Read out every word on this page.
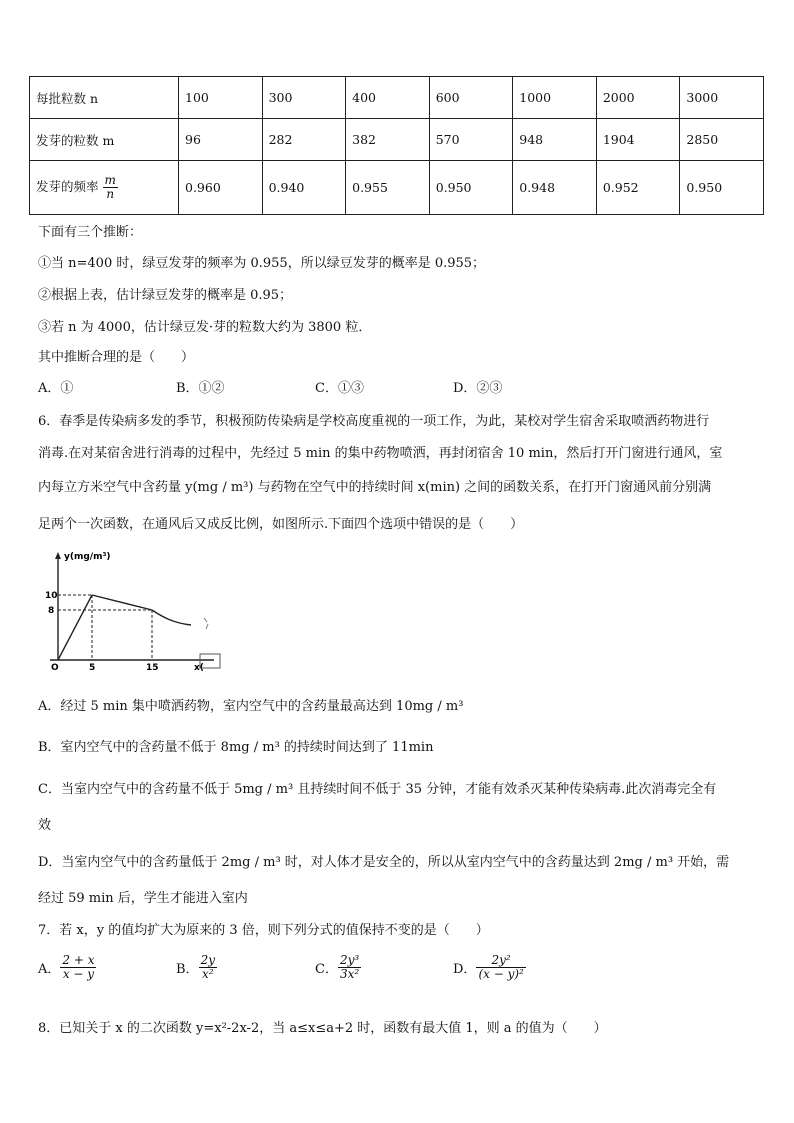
每批粒数 n	100	300	400	600	1000	2000	3000
发芽的粒数 m	96	282	382	570	948	1904	2850
发芽的频率 $\frac{m}{n}$	0.960	0.940	0.955	0.950	0.948	0.952	0.950
下面有三个推断：
①当 n=400 时，绿豆发芽的频率为 0.955，所以绿豆发芽的概率是 0.955；
②根据上表，估计绿豆发芽的概率是 0.95；
③若 n 为 4000，估计绿豆发·芽的粒数大约为 3800 粒．
其中推断合理的是（　　）
A．①	B．①②	C．①③	D．②③
6．春季是传染病多发的季节，积极预防传染病是学校高度重视的一项工作，为此，某校对学生宿舍采取喷洒药物进行
消毒.在对某宿舍进行消毒的过程中，先经过 5 min 的集中药物喷洒，再封闭宿舍 10 min，然后打开门窗进行通风，室
内每立方米空气中含药量 y(mg / m³) 与药物在空气中的持续时间 x(min) 之间的函数关系，在打开门窗通风前分别满
足两个一次函数，在通风后又成反比例，如图所示.下面四个选项中错误的是（　　）
y(mg/m³)
10
8
5	15
O	x(
A．经过 5 min 集中喷洒药物，室内空气中的含药量最高达到 10mg / m³
B．室内空气中的含药量不低于 8mg / m³ 的持续时间达到了 11min
C．当室内空气中的含药量不低于 5mg / m³ 且持续时间不低于 35 分钟，才能有效杀灭某种传染病毒.此次消毒完全有
效
D．当室内空气中的含药量低于 2mg / m³ 时，对人体才是安全的，所以从室内空气中的含药量达到 2mg / m³ 开始，需
经过 59 min 后，学生才能进入室内
7．若 x，y 的值均扩大为原来的 3 倍，则下列分式的值保持不变的是（　　）
A． $\frac{2 + x}{x - y}$	B． $\frac{2y}{\text{x²}}$	C． $\frac{\text{2y³}}{\text{3x²}}$	D． $\frac{\text{2y²}}{\text{(x − y)²}}$
8．已知关于 x 的二次函数 y=x²-2x-2，当 a≤x≤a+2 时，函数有最大值 1，则 a 的值为（　　）
